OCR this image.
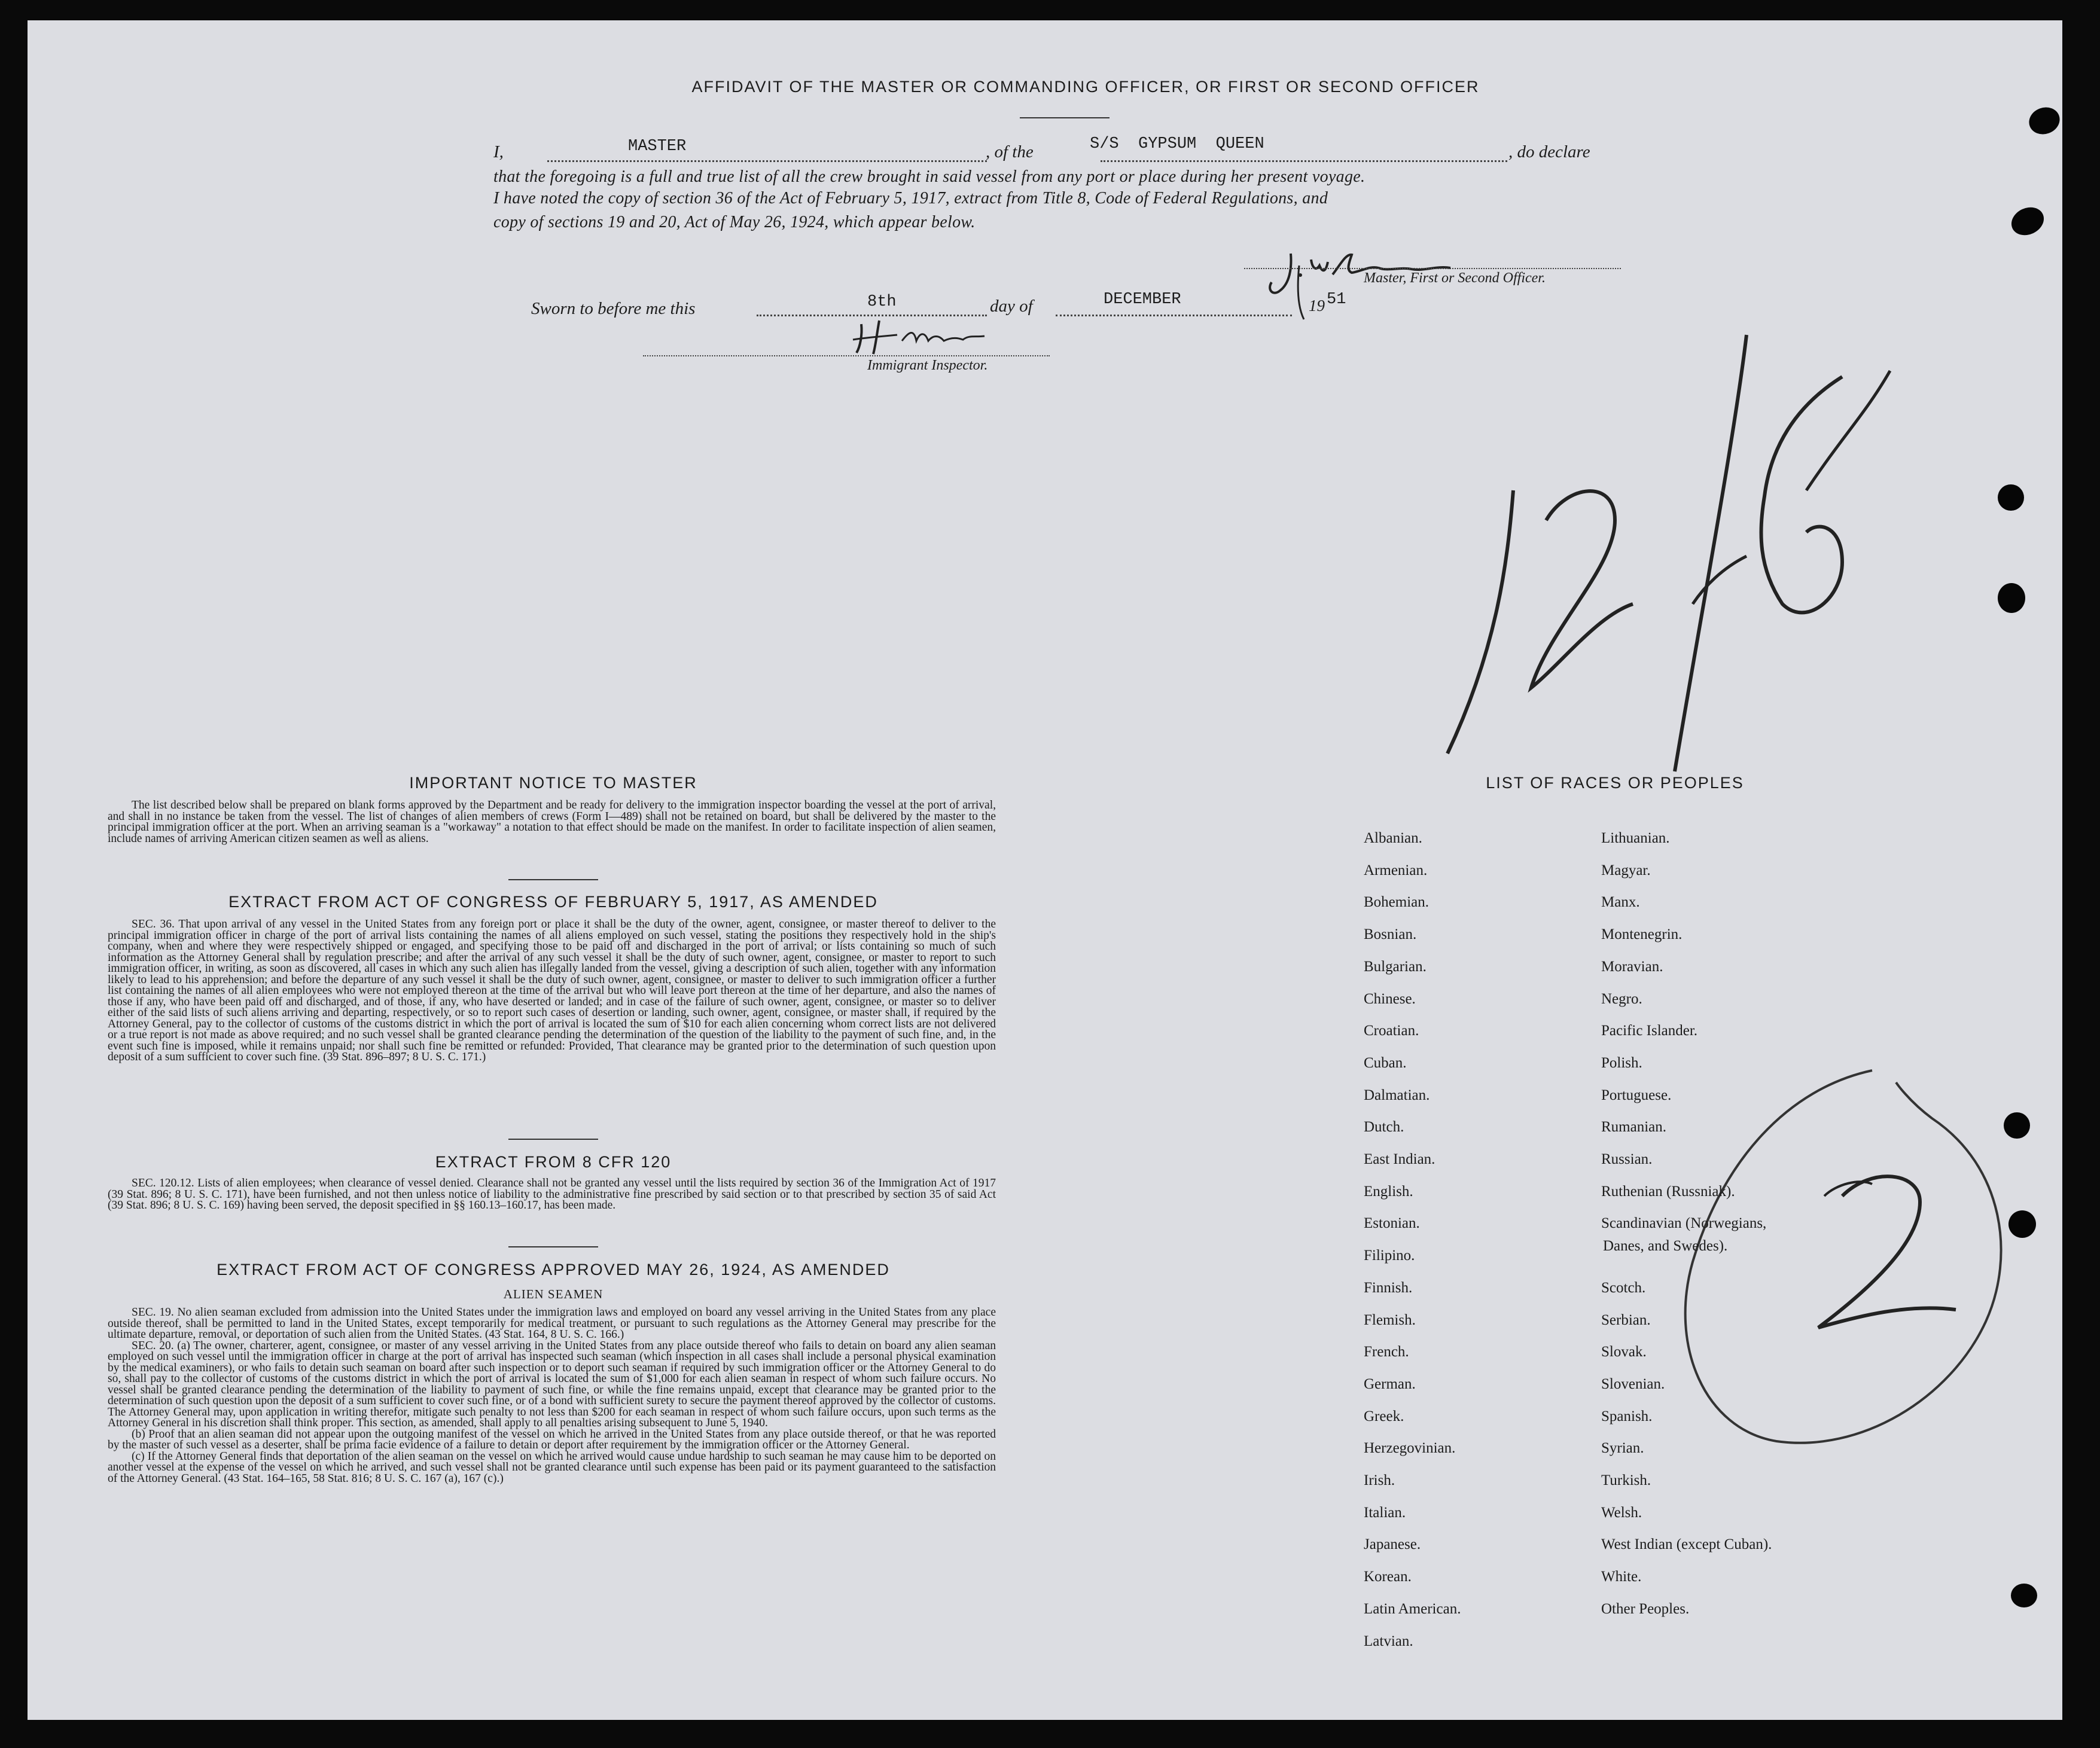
AFFIDAVIT OF THE MASTER OR COMMANDING OFFICER, OR FIRST OR SECOND OFFICER
I,	MASTER	, of the	S/S  GYPSUM  QUEEN	, do declare
that the foregoing is a full and true list of all the crew brought in said vessel from any port or place during her present voyage.
I have noted the copy of section 36 of the Act of February 5, 1917, extract from Title 8, Code of Federal Regulations, and
copy of sections 19 and 20, Act of May 26, 1924, which appear below.
Master, First or Second Officer.
Sworn to before me this	8th	day of	DECEMBER	19 51
Immigrant Inspector.
IMPORTANT NOTICE TO MASTER

The list described below shall be prepared on blank forms approved by the Department and be ready for delivery to the immigration inspector boarding the vessel at the port of arrival, and shall in no instance be taken from the vessel. The list of changes of alien members of crews (Form I—489) shall not be retained on board, but shall be delivered by the master to the principal immigration officer at the port. When an arriving seaman is a "workaway" a notation to that effect should be made on the manifest. In order to facilitate inspection of alien seamen, include names of arriving American citizen seamen as well as aliens.

EXTRACT FROM ACT OF CONGRESS OF FEBRUARY 5, 1917, AS AMENDED

SEC. 36. That upon arrival of any vessel in the United States from any foreign port or place it shall be the duty of the owner, agent, consignee, or master thereof to deliver to the principal immigration officer in charge of the port of arrival lists containing the names of all aliens employed on such vessel, stating the positions they respectively hold in the ship's company, when and where they were respectively shipped or engaged, and specifying those to be paid off and discharged in the port of arrival; or lists containing so much of such information as the Attorney General shall by regulation prescribe; and after the arrival of any such vessel it shall be the duty of such owner, agent, consignee, or master to report to such immigration officer, in writing, as soon as discovered, all cases in which any such alien has illegally landed from the vessel, giving a description of such alien, together with any information likely to lead to his apprehension; and before the departure of any such vessel it shall be the duty of such owner, agent, consignee, or master to deliver to such immigration officer a further list containing the names of all alien employees who were not employed thereon at the time of the arrival but who will leave port thereon at the time of her departure, and also the names of those if any, who have been paid off and discharged, and of those, if any, who have deserted or landed; and in case of the failure of such owner, agent, consignee, or master so to deliver either of the said lists of such aliens arriving and departing, respectively, or so to report such cases of desertion or landing, such owner, agent, consignee, or master shall, if required by the Attorney General, pay to the collector of customs of the customs district in which the port of arrival is located the sum of $10 for each alien concerning whom correct lists are not delivered or a true report is not made as above required; and no such vessel shall be granted clearance pending the determination of the question of the liability to the payment of such fine, and, in the event such fine is imposed, while it remains unpaid; nor shall such fine be remitted or refunded: Provided, That clearance may be granted prior to the determination of such question upon deposit of a sum sufficient to cover such fine. (39 Stat. 896–897; 8 U. S. C. 171.)

EXTRACT FROM 8 CFR 120

SEC. 120.12. Lists of alien employees; when clearance of vessel denied. Clearance shall not be granted any vessel until the lists required by section 36 of the Immigration Act of 1917 (39 Stat. 896; 8 U. S. C. 171), have been furnished, and not then unless notice of liability to the administrative fine prescribed by said section or to that prescribed by section 35 of said Act (39 Stat. 896; 8 U. S. C. 169) having been served, the deposit specified in §§ 160.13–160.17, has been made.

EXTRACT FROM ACT OF CONGRESS APPROVED MAY 26, 1924, AS AMENDED
ALIEN SEAMEN

SEC. 19. No alien seaman excluded from admission into the United States under the immigration laws and employed on board any vessel arriving in the United States from any place outside thereof, shall be permitted to land in the United States, except temporarily for medical treatment, or pursuant to such regulations as the Attorney General may prescribe for the ultimate departure, removal, or deportation of such alien from the United States. (43 Stat. 164, 8 U. S. C. 166.)

SEC. 20. (a) The owner, charterer, agent, consignee, or master of any vessel arriving in the United States from any place outside thereof who fails to detain on board any alien seaman employed on such vessel until the immigration officer in charge at the port of arrival has inspected such seaman (which inspection in all cases shall include a personal physical examination by the medical examiners), or who fails to detain such seaman on board after such inspection or to deport such seaman if required by such immigration officer or the Attorney General to do so, shall pay to the collector of customs of the customs district in which the port of arrival is located the sum of $1,000 for each alien seaman in respect of whom such failure occurs. No vessel shall be granted clearance pending the determination of the liability to payment of such fine, or while the fine remains unpaid, except that clearance may be granted prior to the determination of such question upon the deposit of a sum sufficient to cover such fine, or of a bond with sufficient surety to secure the payment thereof approved by the collector of customs. The Attorney General may, upon application in writing therefor, mitigate such penalty to not less than $200 for each seaman in respect of whom such failure occurs, upon such terms as the Attorney General in his discretion shall think proper. This section, as amended, shall apply to all penalties arising subsequent to June 5, 1940.

(b) Proof that an alien seaman did not appear upon the outgoing manifest of the vessel on which he arrived in the United States from any place outside thereof, or that he was reported by the master of such vessel as a deserter, shall be prima facie evidence of a failure to detain or deport after requirement by the immigration officer or the Attorney General.

(c) If the Attorney General finds that deportation of the alien seaman on the vessel on which he arrived would cause undue hardship to such seaman he may cause him to be deported on another vessel at the expense of the vessel on which he arrived, and such vessel shall not be granted clearance until such expense has been paid or its payment guaranteed to the satisfaction of the Attorney General. (43 Stat. 164–165, 58 Stat. 816; 8 U. S. C. 167 (a), 167 (c).)

LIST OF RACES OR PEOPLES
Albanian.
Armenian.
Bohemian.
Bosnian.
Bulgarian.
Chinese.
Croatian.
Cuban.
Dalmatian.
Dutch.
East Indian.
English.
Estonian.
Filipino.
Finnish.
Flemish.
French.
German.
Greek.
Herzegovinian.
Irish.
Italian.
Japanese.
Korean.
Latin American.
Latvian.
Lithuanian.
Magyar.
Manx.
Montenegrin.
Moravian.
Negro.
Pacific Islander.
Polish.
Portuguese.
Rumanian.
Russian.
Ruthenian (Russniak).
Scandinavian (Norwegians,
Scotch.
Serbian.
Slovak.
Slovenian.
Spanish.
Syrian.
Turkish.
Welsh.
West Indian (except Cuban).
White.
Other Peoples.
Danes, and Swedes).
